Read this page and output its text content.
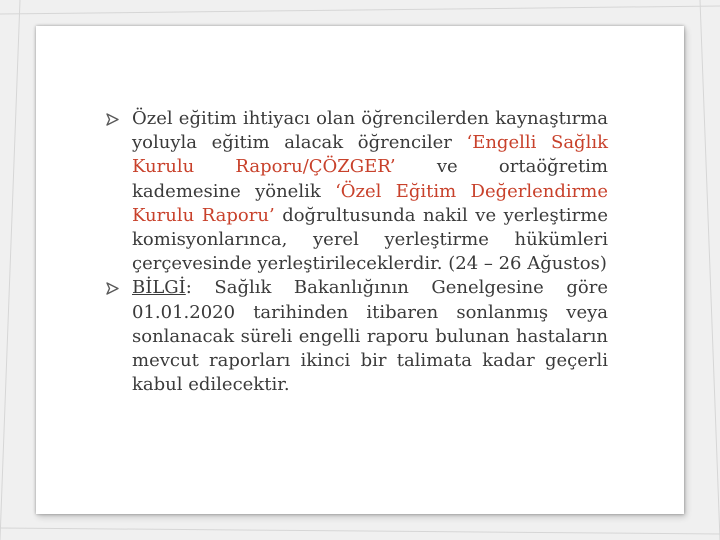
Özel eğitim ihtiyacı olan öğrencilerden kaynaştırma yoluyla eğitim alacak öğrenciler ‘Engelli Sağlık Kurulu Raporu/ÇÖZGER’ ve ortaöğretim kademesine yönelik ‘Özel Eğitim Değerlendirme Kurulu Raporu’ doğrultusunda nakil ve yerleştirme komisyonlarınca, yerel yerleştirme hükümleri çerçevesinde yerleştirileceklerdir. (24 – 26 Ağustos)
BİLGİ: Sağlık Bakanlığının Genelgesine göre 01.01.2020 tarihinden itibaren sonlanmış veya sonlanacak süreli engelli raporu bulunan hastaların mevcut raporları ikinci bir talimata kadar geçerli kabul edilecektir.
